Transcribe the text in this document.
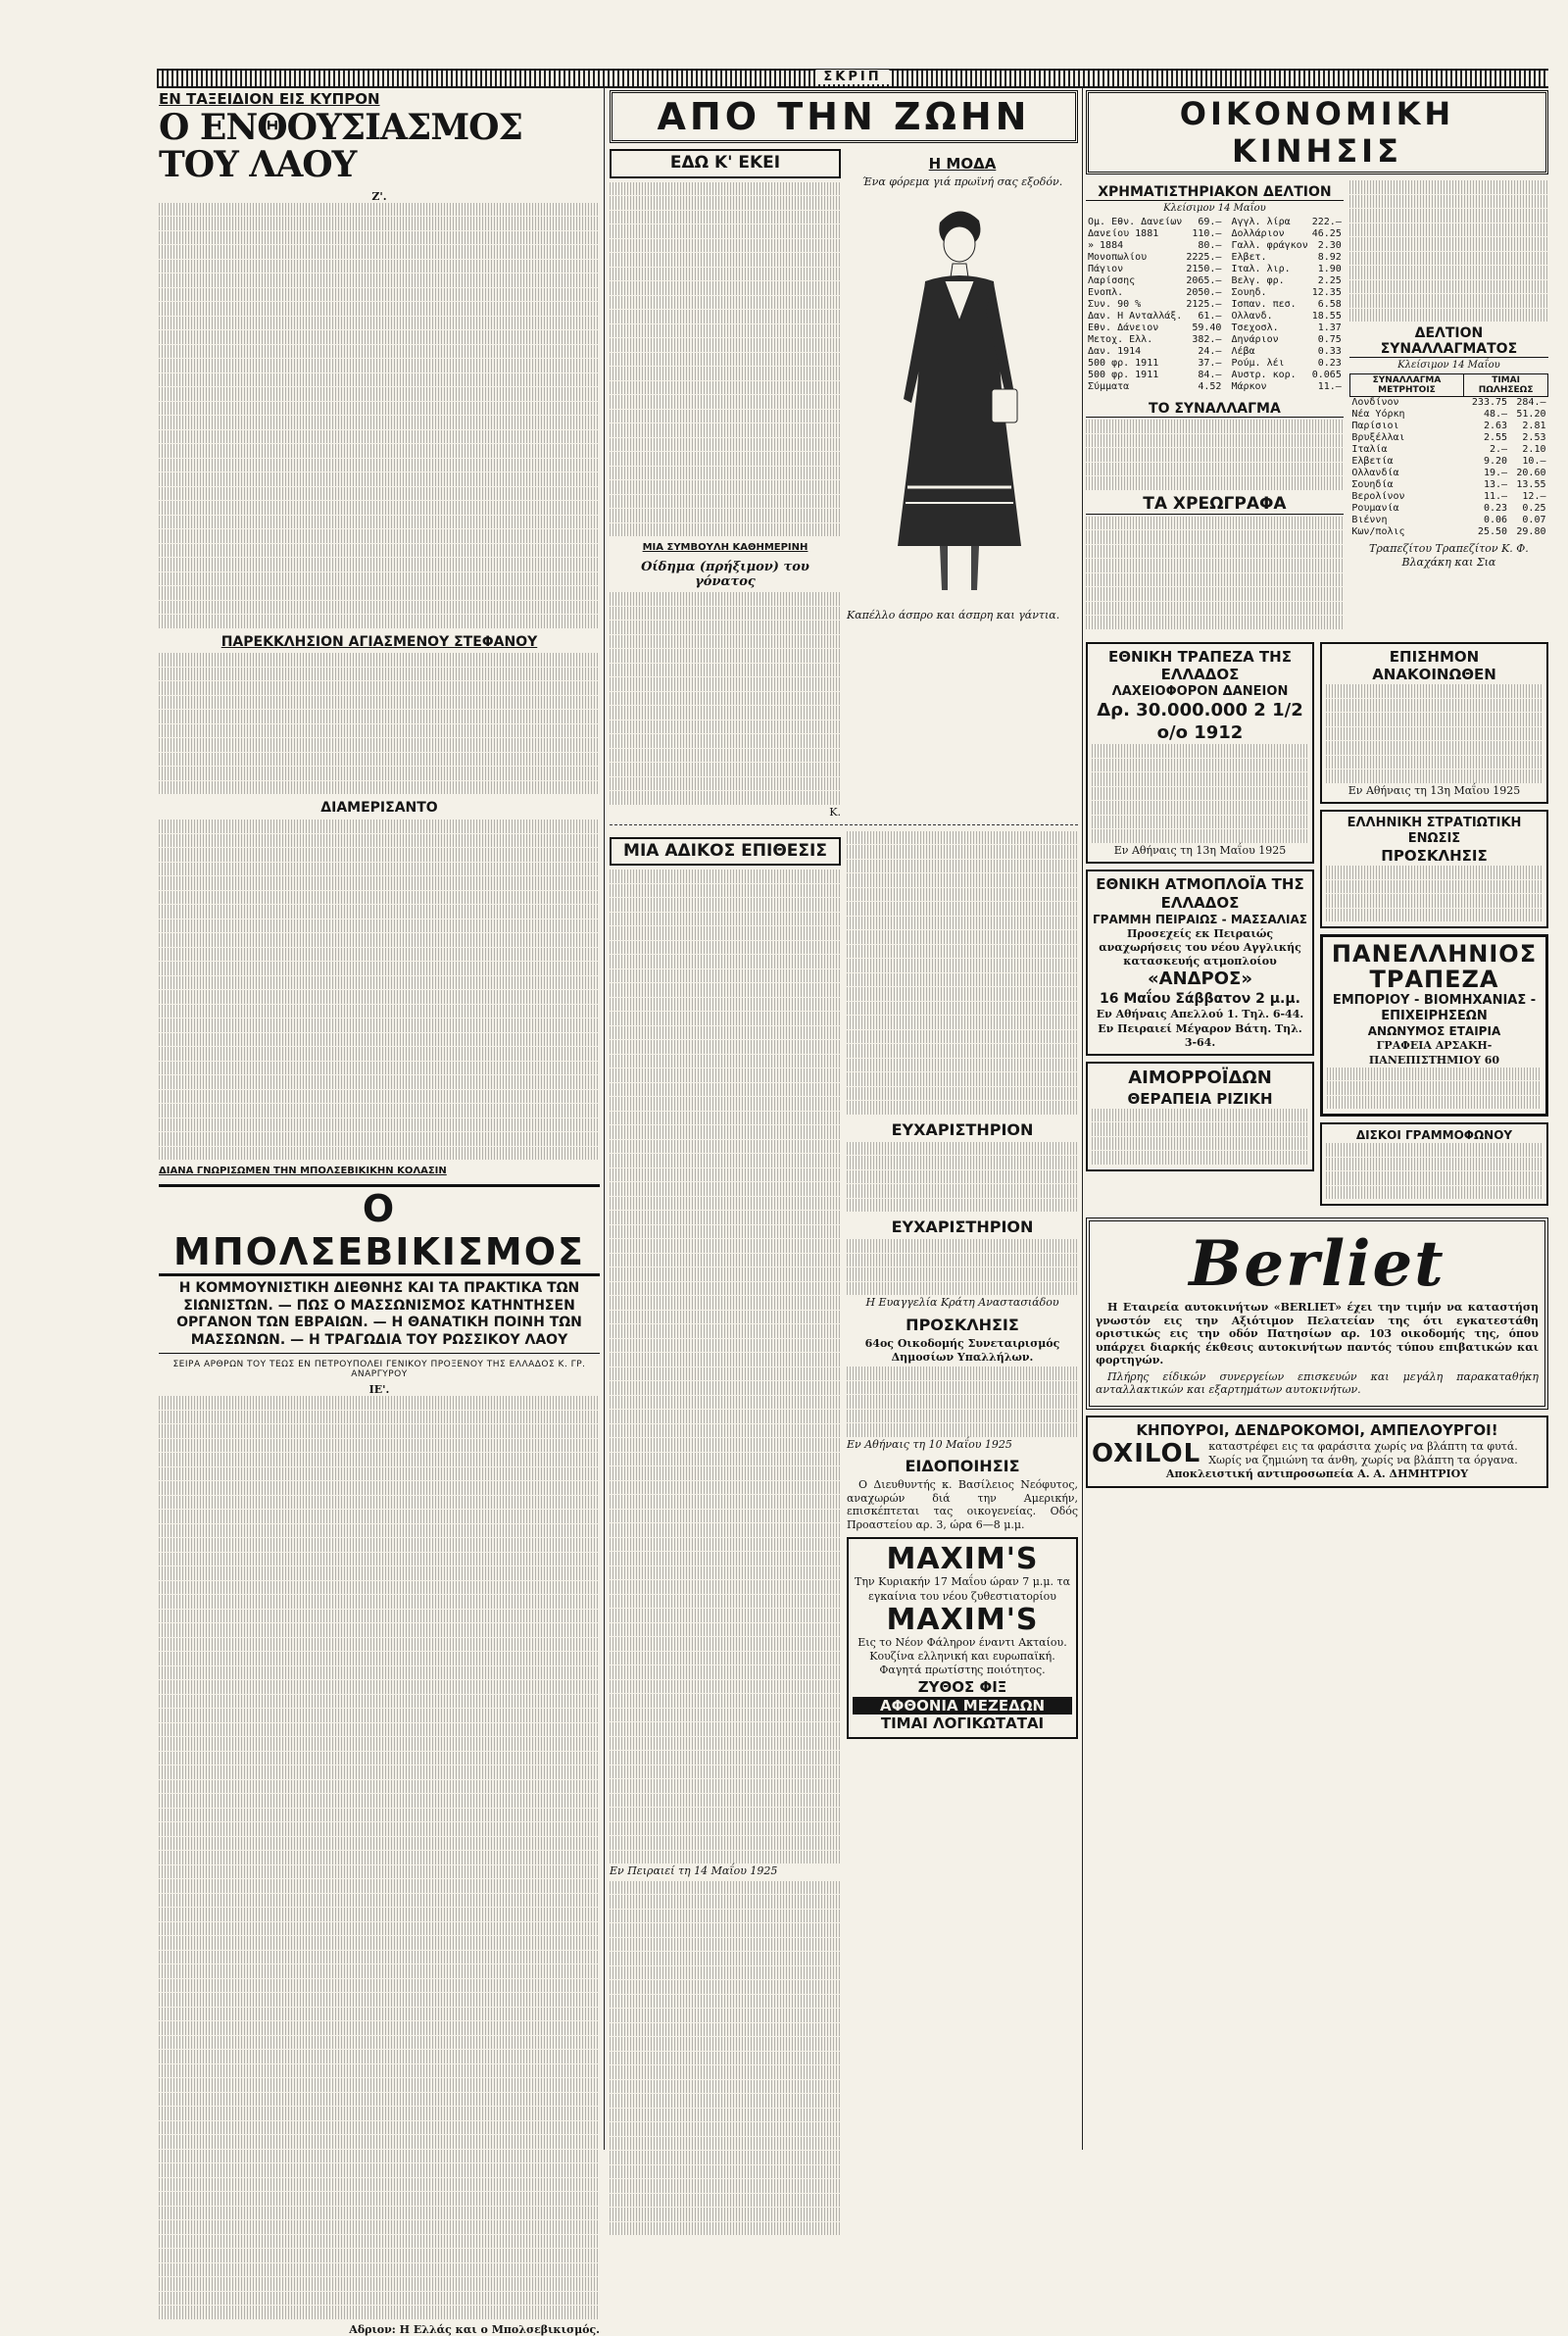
ΣΚΡΙΠ
ΕΝ ΤΑΞΕΙΔΙΟΝ ΕΙΣ ΚΥΠΡΟΝ
Ο ΕΝΘΟΥΣΙΑΣΜΟΣ ΤΟΥ ΛΑΟΥ
Z'.
ΠΑΡΕΚΚΛΗΣΙΟΝ ΑΓΙΑΣΜΕΝΟΥ ΣΤΕΦΑΝΟΥ
ΔΙΑΜΕΡΙΣΑΝΤΟ
ΔΙΑΝΑ ΓΝΩΡΙΣΩΜΕΝ ΤΗΝ ΜΠΟΛΣΕΒΙΚΙΚΗΝ ΚΟΛΑΣΙΝ
Ο ΜΠΟΛΣΕΒΙΚΙΣΜΟΣ
Η ΚΟΜΜΟΥΝΙΣΤΙΚΗ ΔΙΕΘΝΗΣ ΚΑΙ ΤΑ ΠΡΑΚΤΙΚΑ ΤΩΝ ΣΙΩΝΙΣΤΩΝ. — ΠΩΣ Ο ΜΑΣΣΩΝΙΣΜΟΣ ΚΑΤΗΝΤΗΣΕΝ ΟΡΓΑΝΟΝ ΤΩΝ ΕΒΡΑΙΩΝ. — Η ΘΑΝΑΤΙΚΗ ΠΟΙΝΗ ΤΩΝ ΜΑΣΣΩΝΩΝ. — Η ΤΡΑΓΩΔΙΑ ΤΟΥ ΡΩΣΣΙΚΟΥ ΛΑΟΥ
ΣΕΙΡΑ ΑΡΘΡΩΝ ΤΟΥ ΤΕΩΣ ΕΝ ΠΕΤΡΟΥΠΟΛΕΙ ΓΕΝΙΚΟΥ ΠΡΟΞΕΝΟΥ ΤΗΣ ΕΛΛΑΔΟΣ Κ. ΓΡ. ΑΝΑΡΓΥΡΟΥ
ΙΕ'.
Αδριον: Η Ελλάς και ο Μπολσεβικισμός.
ΑΠΟ ΤΗΝ ΖΩΗΝ
ΕΔΩ Κ' ΕΚΕΙ
ΜΙΑ ΣΥΜΒΟΥΛΗ ΚΑΘΗΜΕΡΙΝΗ
Οίδημα (πρήξιμον) του γόνατος
Κ.
Η ΜΟΔΑ

Ένα φόρεμα γιά πρωϊνή σας εξοδόν.

Καπέλλο άσπρο και άσπρη και γάντια.

ΜΙΑ ΑΔΙΚΟΣ ΕΠΙΘΕΣΙΣ

Εν Πειραιεί τη 14 Μαΐου 1925

ΕΥΧΑΡΙΣΤΗΡΙΟΝ
ΕΥΧΑΡΙΣΤΗΡΙΟΝ

Η Ευαγγελία Κράτη Αναστασιάδου

ΠΡΟΣΚΛΗΣΙΣ

64ος Οικοδομής Συνεταιρισμός Δημοσίων Υπαλλήλων.

Εν Αθήναις τη 10 Μαΐου 1925

ΕΙΔΟΠΟΙΗΣΙΣ

Ο Διευθυντής κ. Βασίλειος Νεόφυτος, αναχωρών διά την Αμερικήν, επισκέπτεται τας οικογενείας. Οδός Προαστείου αρ. 3, ώρα 6—8 μ.μ.

MAXIM'S
Την Κυριακήν 17 Μαΐου ώραν 7 μ.μ. τα εγκαίνια του νέου ζυθεστιατορίου
MAXIM'S
Εις το Νέον Φάληρον έναντι Ακταίου. Κουζίνα ελληνική και ευρωπαϊκή. Φαγητά πρωτίστης ποιότητος.
ΖΥΘΟΣ ΦΙΞ
ΑΦΘΟΝΙΑ ΜΕΖΕΔΩΝ
ΤΙΜΑΙ ΛΟΓΙΚΩΤΑΤΑΙ
ΟΙΚΟΝΟΜΙΚΗ ΚΙΝΗΣΙΣ
ΧΡΗΜΑΤΙΣΤΗΡΙΑΚΟΝ ΔΕΛΤΙΟΝ
Κλείσιμον 14 Μαΐου
Ομ. Εθν. Δανείων	69.—
Δανείου 1881	110.—
» 1884	80.—
Μονοπωλίου	2225.—
Πάγιον	2150.—
Λαρίσσης	2065.—
Ενοπλ.	2050.—
Συν. 90 %	2125.—
Δαν. Η Ανταλλάξ.	61.—
Εθν. Δάνειον	59.40
Μετοχ. Ελλ.	382.—
Δαν. 1914	24.—
500 φρ. 1911	37.—
500 φρ. 1911	84.—
Σύμματα	4.52
Αγγλ. λίρα	222.—
Δολλάριον	46.25
Γαλλ. φράγκον	2.30
Ελβετ.	8.92
Ιταλ. λιρ.	1.90
Βελγ. φρ.	2.25
Σουηδ.	12.35
Ισπαν. πεσ.	6.58
Ολλανδ.	18.55
Τσεχοσλ.	1.37
Δηνάριον	0.75
Λέβα	0.33
Ρούμ. λέι	0.23
Αυστρ. κορ.	0.065
Μάρκον	11.—
ΤΟ ΣΥΝΑΛΛΑΓΜΑ
ΤΑ ΧΡΕΩΓΡΑΦΑ
ΔΕΛΤΙΟΝ ΣΥΝΑΛΛΑΓΜΑΤΟΣ
Κλείσιμον 14 Μαΐου
ΣΥΝΑΛΛΑΓΜΑ ΜΕΤΡΗΤΟΙΣ	ΤΙΜΑΙ ΠΩΛΗΣΕΩΣ	
Λονδίνον	233.75	284.—
Νέα Υόρκη	48.—	51.20
Παρίσιοι	2.63	2.81
Βρυξέλλαι	2.55	2.53
Ιταλία	2.—	2.10
Ελβετία	9.20	10.—
Ολλανδία	19.—	20.60
Σουηδία	13.—	13.55
Βερολίνον	11.—	12.—
Ρουμανία	0.23	0.25
Βιέννη	0.06	0.07
Κων/πολις	25.50	29.80

Τραπεζίτου Τραπεζίτον Κ. Φ. Βλαχάκη και Σια

ΕΘΝΙΚΗ ΤΡΑΠΕΖΑ ΤΗΣ ΕΛΛΑΔΟΣ
ΛΑΧΕΙΟΦΟΡΟΝ ΔΑΝΕΙΟΝ
Δρ. 30.000.000 2 1/2 ο/ο 1912
Εν Αθήναις τη 13η Μαΐου 1925
ΕΘΝΙΚΗ ΑΤΜΟΠΛΟΪΑ ΤΗΣ ΕΛΛΑΔΟΣ
ΓΡΑΜΜΗ ΠΕΙΡΑΙΩΣ - ΜΑΣΣΑΛΙΑΣ
Προσεχείς εκ Πειραιώς αναχωρήσεις του νέου Αγγλικής κατασκευής ατμοπλοίου
«ΑΝΔΡΟΣ»
16 Μαΐου Σάββατον 2 μ.μ.
Εν Αθήναις Απελλού 1. Τηλ. 6-44.
Εν Πειραιεί Μέγαρον Βάτη. Τηλ. 3-64.
ΑΙΜΟΡΡΟΪΔΩΝ
ΘΕΡΑΠΕΙΑ ΡΙΖΙΚΗ
ΕΠΙΣΗΜΟΝ ΑΝΑΚΟΙΝΩΘΕΝ
Εν Αθήναις τη 13η Μαΐου 1925
ΕΛΛΗΝΙΚΗ ΣΤΡΑΤΙΩΤΙΚΗ ΕΝΩΣΙΣ
ΠΡΟΣΚΛΗΣΙΣ
ΠΑΝΕΛΛΗΝΙΟΣ ΤΡΑΠΕΖΑ
ΕΜΠΟΡΙΟΥ - ΒΙΟΜΗΧΑΝΙΑΣ - ΕΠΙΧΕΙΡΗΣΕΩΝ
ΑΝΩΝΥΜΟΣ ΕΤΑΙΡΙΑ
ΓΡΑΦΕΙΑ ΑΡΣΑΚΗ-ΠΑΝΕΠΙΣΤΗΜΙΟΥ 60
ΔΙΣΚΟΙ ΓΡΑΜΜΟΦΩΝΟΥ
Berliet

Η Εταιρεία αυτοκινήτων «BERLIET» έχει την τιμήν να καταστήση γνωστόν εις την Αξιότιμον Πελατείαν της ότι εγκατεστάθη οριστικώς εις την οδόν Πατησίων αρ. 103 οικοδομής της, όπου υπάρχει διαρκής έκθεσις αυτοκινήτων παντός τύπου επιβατικών και φορτηγών.

Πλήρης είδικών συνεργείων επισκευών και μεγάλη παρακαταθήκη ανταλλακτικών και εξαρτημάτων αυτοκινήτων.

ΚΗΠΟΥΡΟΙ, ΔΕΝΔΡΟΚΟΜΟΙ, ΑΜΠΕΛΟΥΡΓΟΙ!
OXILOL καταστρέφει εις τα φαράσιτα χωρίς να βλάπτη τα φυτά. Χωρίς να ζημιώνη τα άνθη, χωρίς να βλάπτη τα όργανα.
Αποκλειστική αντιπροσωπεία Α. Α. ΔΗΜΗΤΡΙΟΥ
